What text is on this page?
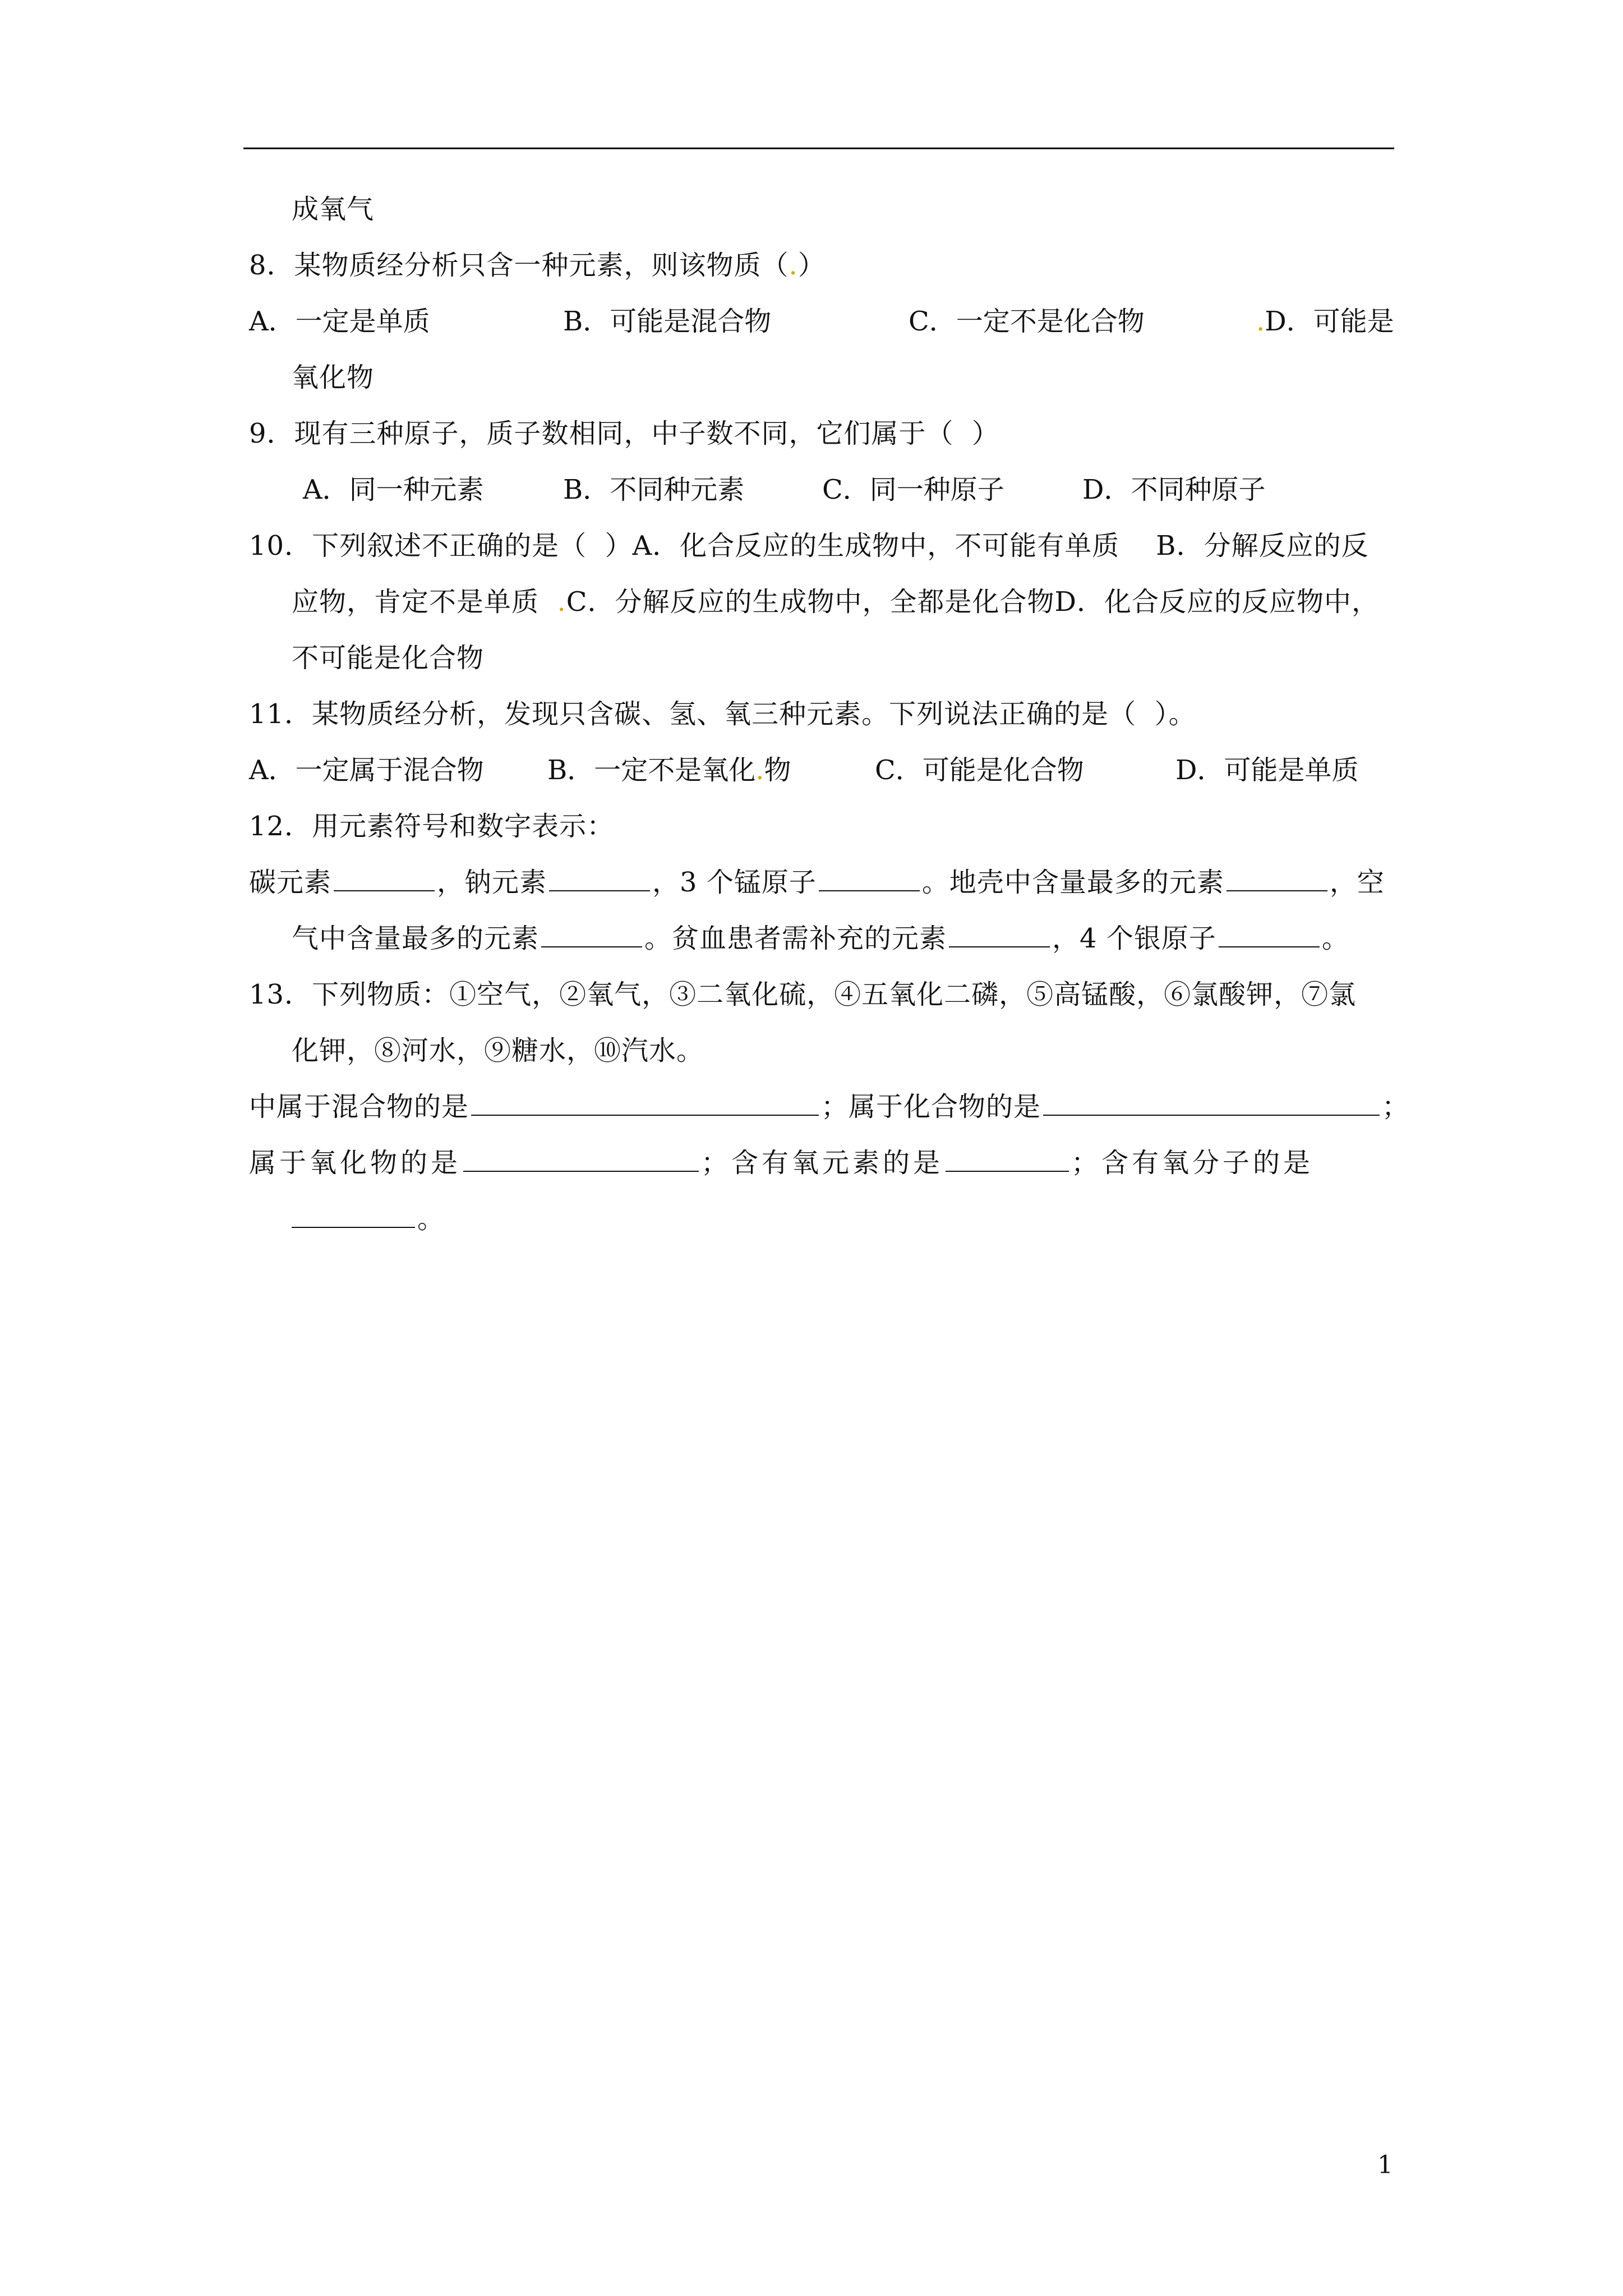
成氧气
8．某物质经分析只含一种元素，则该物质（.）
A．一定是单质	B．可能是混合物	C．一定不是化合物	.D．可能是
氧化物
9．现有三种原子，质子数相同，中子数不同，它们属于（  ）
A．同一种元素	B．不同种元素	C．同一种原子	D．不同种原子
10．下列叙述不正确的是（  ）A．化合反应的生成物中，不可能有单质    B．分解反应的反
应物，肯定不是单质  .C．分解反应的生成物中，全都是化合物D．化合反应的反应物中，
不可能是化合物
11．某物质经分析，发现只含碳、氢、氧三种元素。下列说法正确的是（  ）。
A．一定属于混合物 B．一定不是氧化.物	C．可能是化合物	D．可能是单质
12．用元素符号和数字表示：
碳元素	，钠元素	，3 个锰原子	。地壳中含量最多的元素	，空
气中含量最多的元素	。贫血患者需补充的元素	，4 个银原子	。
13．下列物质：①空气，②氧气，③二氧化硫，④五氧化二磷，⑤高锰酸，⑥氯酸钾，⑦氯
化钾，⑧河水，⑨糖水，⑩汽水。
中属于混合物的是	；属于化合物的是	；
属于氧化物的是	；含有氧元素的是	；含有氧分子的是
。
1
